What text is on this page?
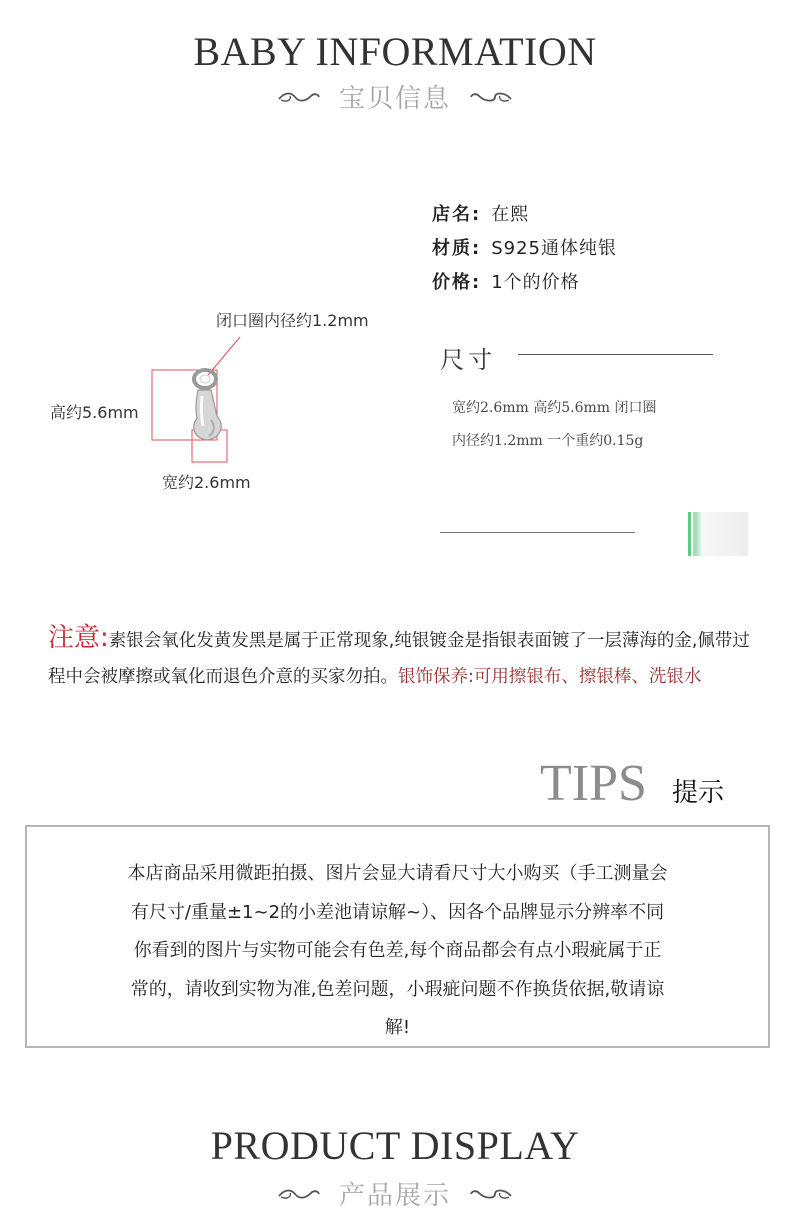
BABY INFORMATION
宝贝信息
店名: 在熙
材质: S925通体纯银
价格: 1个的价格
尺寸
宽约2.6mm 高约5.6mm 闭口圈
内径约1.2mm 一个重约0.15g
闭口圈内径约1.2mm
高约5.6mm
宽约2.6mm
注意:素银会氧化发黄发黑是属于正常现象,纯银镀金是指银表面镀了一层薄海的金,佩带过程中会被摩擦或氧化而退色介意的买家勿拍。银饰保养:可用擦银布、擦银棒、洗银水
TIPS 提示
本店商品采用微距拍摄、图片会显大请看尺寸大小购买（手工测量会
有尺寸/重量±1~2的小差池请谅解~）、因各个品牌显示分辨率不同
你看到的图片与实物可能会有色差,每个商品都会有点小瑕疵属于正
常的，请收到实物为准,色差问题，小瑕疵问题不作换货依据,敬请谅
解!
PRODUCT DISPLAY
产品展示
